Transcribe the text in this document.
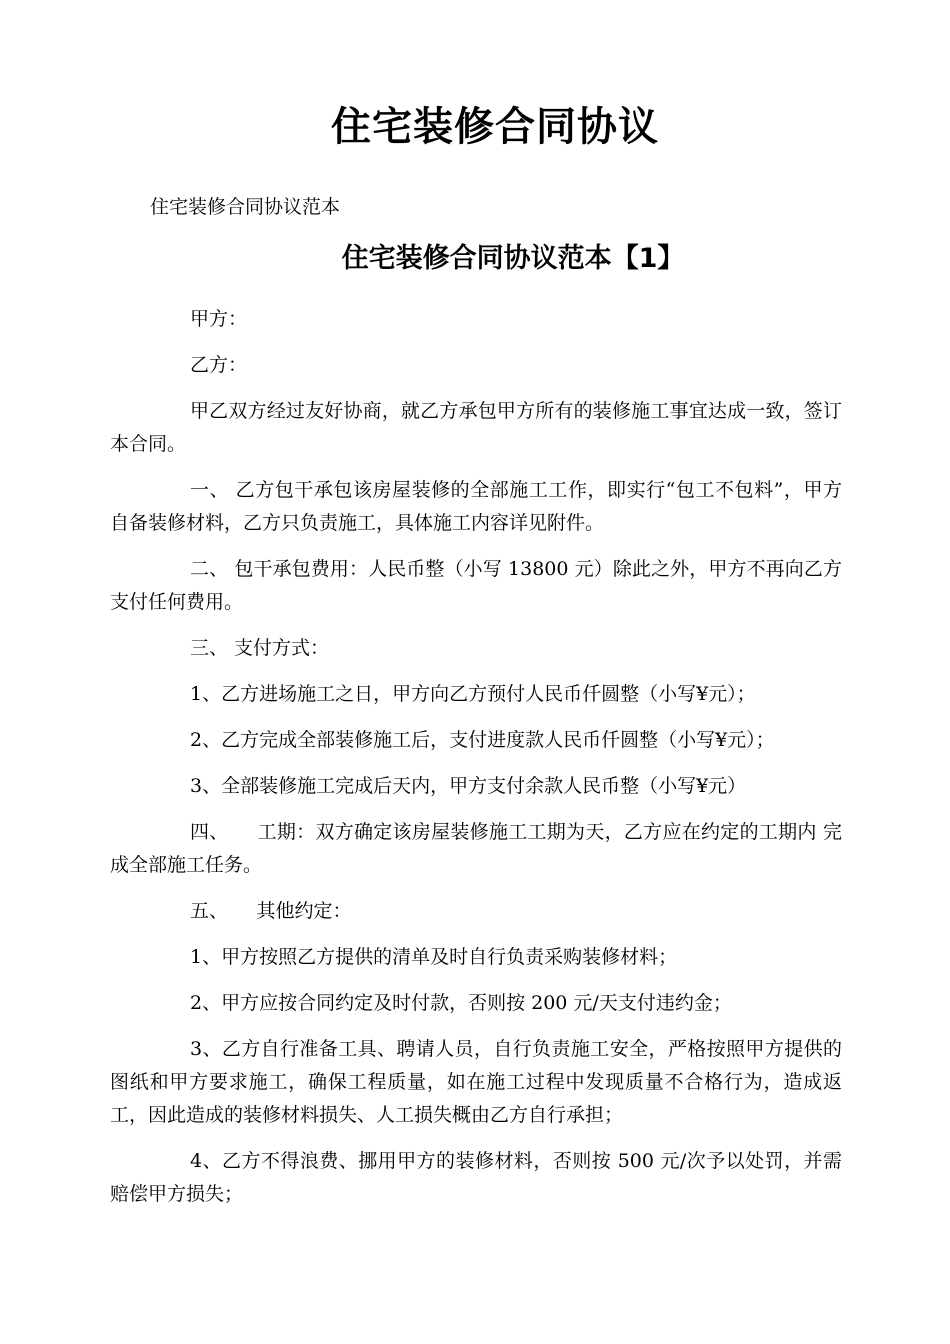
住宅装修合同协议
住宅装修合同协议范本
住宅装修合同协议范本【1】

甲方：

乙方：

甲乙双方经过友好协商，就乙方承包甲方所有的装修施工事宜达成一致，签订本合同。

一、 乙方包干承包该房屋装修的全部施工工作，即实行“包工不包料”，甲方自备装修材料，乙方只负责施工，具体施工内容详见附件。

二、 包干承包费用：人民币整（小写 13800 元）除此之外，甲方不再向乙方支付任何费用。

三、 支付方式：

1、乙方进场施工之日，甲方向乙方预付人民币仟圆整（小写¥元）；

2、乙方完成全部装修施工后，支付进度款人民币仟圆整（小写¥元）；

3、全部装修施工完成后天内，甲方支付余款人民币整（小写¥元）

四、　　工期：双方确定该房屋装修施工工期为天，乙方应在约定的工期内 完成全部施工任务。

五、　　其他约定：

1、甲方按照乙方提供的清单及时自行负责采购装修材料；

2、甲方应按合同约定及时付款，否则按 200 元/天支付违约金；

3、乙方自行准备工具、聘请人员，自行负责施工安全，严格按照甲方提供的图纸和甲方要求施工，确保工程质量，如在施工过程中发现质量不合格行为，造成返工，因此造成的装修材料损失、人工损失概由乙方自行承担；

4、乙方不得浪费、挪用甲方的装修材料，否则按 500 元/次予以处罚，并需赔偿甲方损失；
